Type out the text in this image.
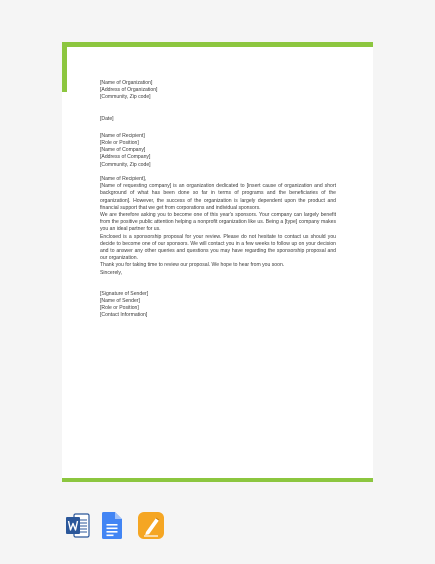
[Name of Organization]

[Address of Organization]

[Community, Zip code]

[Date]

[Name of Recipient]

[Role or Position]

[Name of Company]

[Address of Company]

[Community, Zip code]

[Name of Recipient],

[Name of requesting company] is an organization dedicated to [insert cause of organization and short background of what has been done so far in terms of programs and the beneficiaries of the organization]. However, the success of the organization is largely dependent upon the product and financial support that we get from corporations and individual sponsors.

We are therefore asking you to become one of this year's sponsors. Your company can largely benefit from the positive public attention helping a nonprofit organization like us. Being a [type] company makes you an ideal partner for us.

Enclosed is a sponsorship proposal for your review. Please do not hesitate to contact us should you decide to become one of our sponsors. We will contact you in a few weeks to follow up on your decision and to answer any other queries and questions you may have regarding the sponsorship proposal and our organization.

Thank you for taking time to review our proposal. We hope to hear from you soon.

Sincerely,

[Signature of Sender]

[Name of Sender]

[Role or Position]

[Contact Information]
